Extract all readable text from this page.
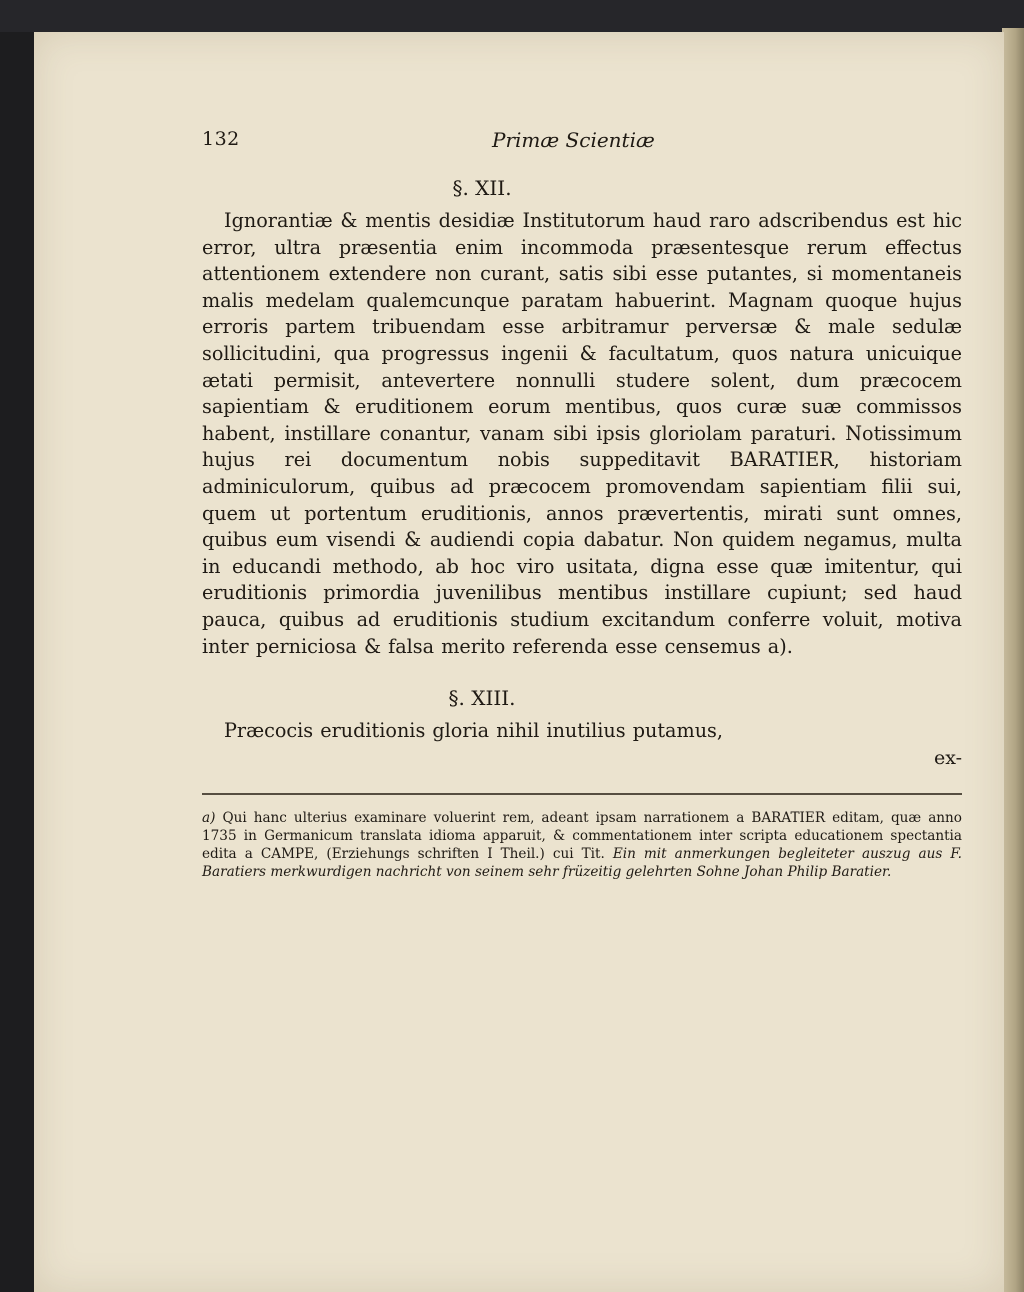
132	Primæ Scientiæ
§. XII.

Ignorantiæ & mentis desidiæ Institutorum haud raro adscribendus est hic error, ultra præsentia enim incommoda præsentesque rerum effectus attentionem extendere non curant, satis sibi esse putantes, si momentaneis malis medelam qualemcunque paratam habuerint. Magnam quoque hujus erroris partem tribuendam esse arbitramur perversæ & male sedulæ sollicitudini, qua progressus ingenii & facultatum, quos natura unicuique ætati permisit, antevertere nonnulli studere solent, dum præcocem sapientiam & eruditionem eorum mentibus, quos curæ suæ commissos habent, instillare conantur, vanam sibi ipsis gloriolam paraturi. Notissimum hujus rei documentum nobis suppeditavit BARATIER, historiam adminiculorum, quibus ad præcocem promovendam sapientiam filii sui, quem ut portentum eruditionis, annos prævertentis, mirati sunt omnes, quibus eum visendi & audiendi copia dabatur. Non quidem negamus, multa in educandi methodo, ab hoc viro usitata, digna esse quæ imitentur, qui eruditionis primordia juvenilibus mentibus instillare cupiunt; sed haud pauca, quibus ad eruditionis studium excitandum conferre voluit, motiva inter perniciosa & falsa merito referenda esse censemus a).

§. XIII.

Præcocis eruditionis gloria nihil inutilius putamus,

ex-

a) Qui hanc ulterius examinare voluerint rem, adeant ipsam narrationem a BARATIER editam, quæ anno 1735 in Germanicum translata idioma apparuit, & commentationem inter scripta educationem spectantia edita a CAMPE, (Erziehungs schriften I Theil.) cui Tit. Ein mit anmerkungen begleiteter auszug aus F. Baratiers merkwurdigen nachricht von seinem sehr früzeitig gelehrten Sohne Johan Philip Baratier.
